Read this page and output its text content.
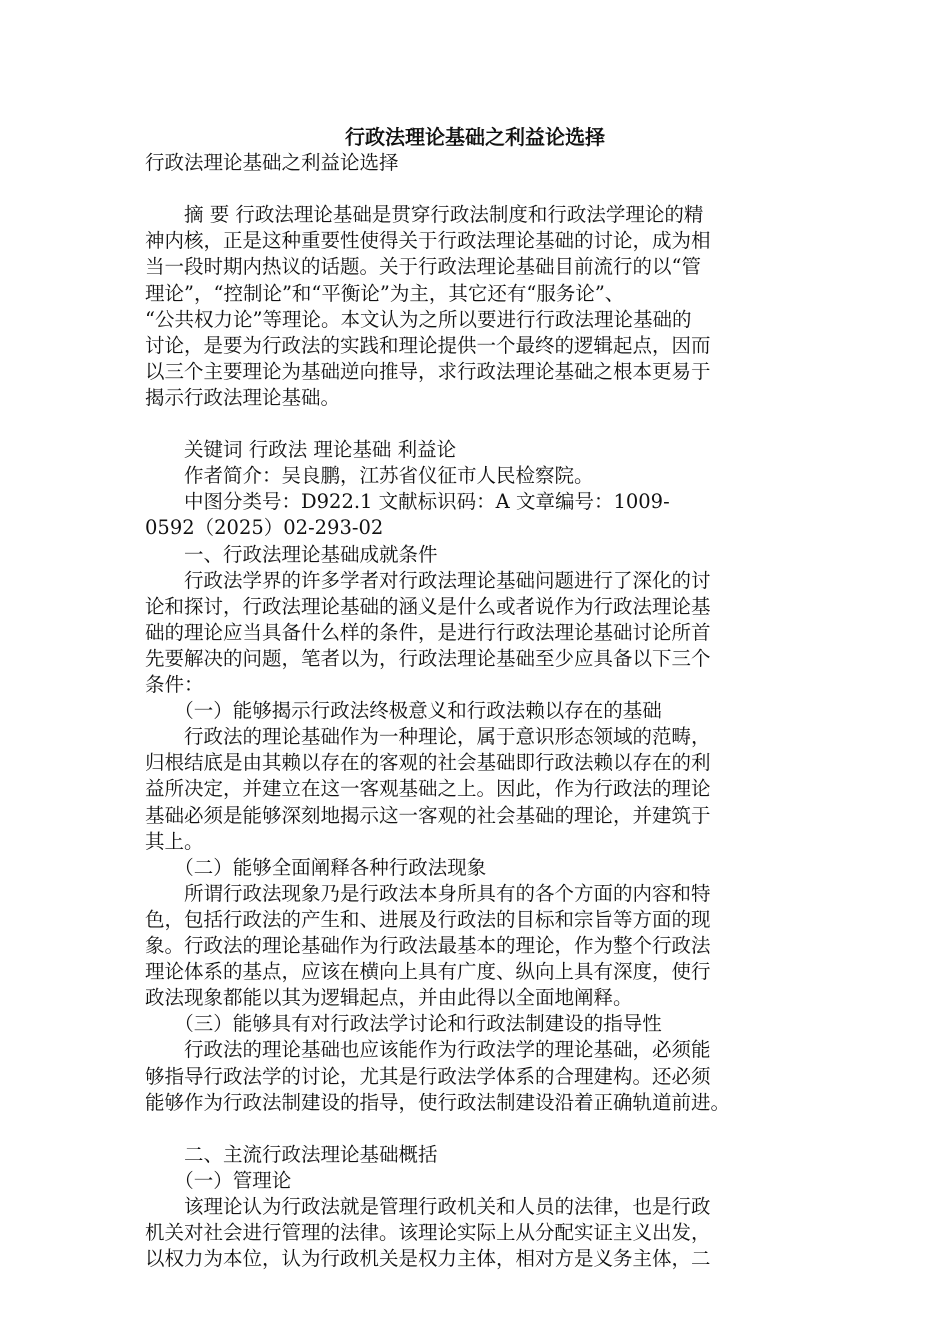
行政法理论基础之利益论选择
行政法理论基础之利益论选择
　　摘 要 行政法理论基础是贯穿行政法制度和行政法学理论的精
神内核，正是这种重要性使得关于行政法理论基础的讨论，成为相
当一段时期内热议的话题。关于行政法理论基础目前流行的以“管
理论”，“控制论”和“平衡论”为主，其它还有“服务论”、
“公共权力论”等理论。本文认为之所以要进行行政法理论基础的
讨论，是要为行政法的实践和理论提供一个最终的逻辑起点，因而
以三个主要理论为基础逆向推导，求行政法理论基础之根本更易于
揭示行政法理论基础。
　　关键词 行政法 理论基础 利益论
　　作者简介：吴良鹏，江苏省仪征市人民检察院。
　　中图分类号：D922.1 文献标识码：A 文章编号：1009-
0592（2025）02-293-02
　　一、行政法理论基础成就条件
　　行政法学界的许多学者对行政法理论基础问题进行了深化的讨
论和探讨，行政法理论基础的涵义是什么或者说作为行政法理论基
础的理论应当具备什么样的条件，是进行行政法理论基础讨论所首
先要解决的问题，笔者以为，行政法理论基础至少应具备以下三个
条件：
　　（一）能够揭示行政法终极意义和行政法赖以存在的基础
　　行政法的理论基础作为一种理论，属于意识形态领域的范畴，
归根结底是由其赖以存在的客观的社会基础即行政法赖以存在的利
益所决定，并建立在这一客观基础之上。因此，作为行政法的理论
基础必须是能够深刻地揭示这一客观的社会基础的理论，并建筑于
其上。
　　（二）能够全面阐释各种行政法现象
　　所谓行政法现象乃是行政法本身所具有的各个方面的内容和特
色，包括行政法的产生和、进展及行政法的目标和宗旨等方面的现
象。行政法的理论基础作为行政法最基本的理论，作为整个行政法
理论体系的基点，应该在横向上具有广度、纵向上具有深度，使行
政法现象都能以其为逻辑起点，并由此得以全面地阐释。
　　（三）能够具有对行政法学讨论和行政法制建设的指导性
　　行政法的理论基础也应该能作为行政法学的理论基础，必须能
够指导行政法学的讨论，尤其是行政法学体系的合理建构。还必须
能够作为行政法制建设的指导，使行政法制建设沿着正确轨道前进。
　　二、主流行政法理论基础概括
　　（一）管理论
　　该理论认为行政法就是管理行政机关和人员的法律，也是行政
机关对社会进行管理的法律。该理论实际上从分配实证主义出发，
以权力为本位，认为行政机关是权力主体，相对方是义务主体，二
